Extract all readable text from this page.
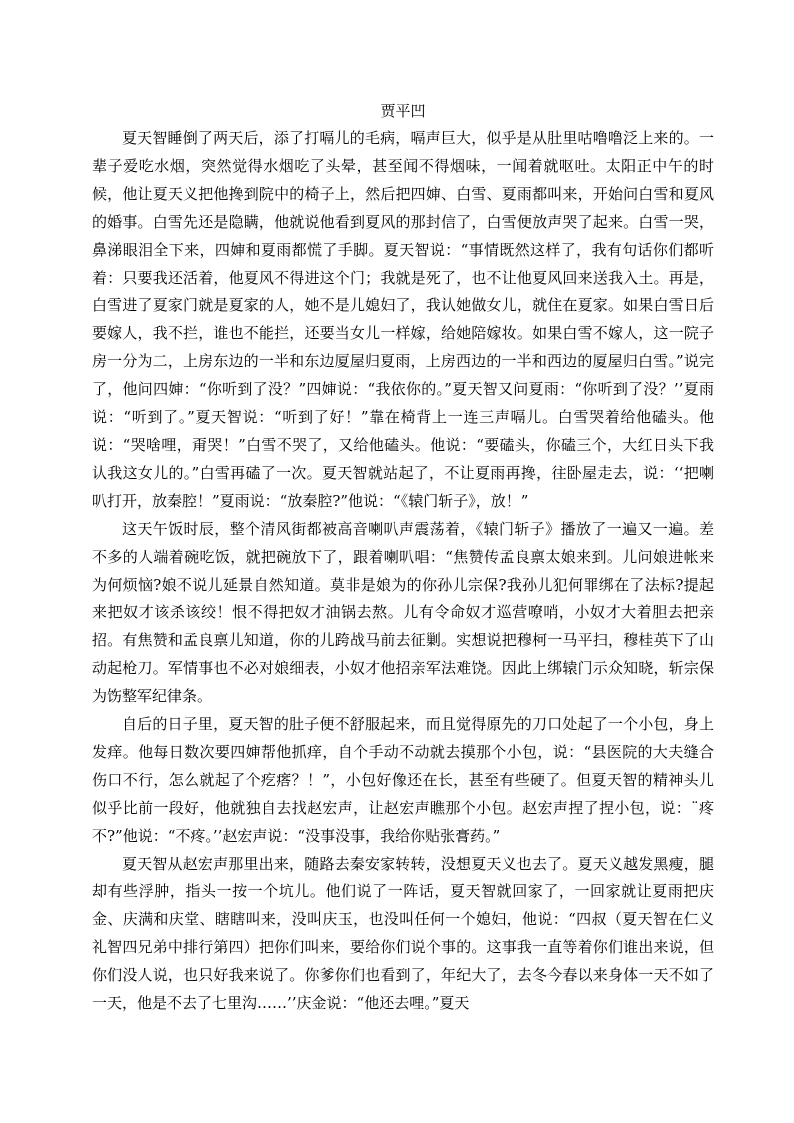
贾平凹

夏天智睡倒了两天后，添了打嗝儿的毛病，嗝声巨大，似乎是从肚里咕噜噜泛上来的。一辈子爱吃水烟，突然觉得水烟吃了头晕，甚至闻不得烟味，一闻着就呕吐。太阳正中午的时候，他让夏天义把他搀到院中的椅子上，然后把四婶、白雪、夏雨都叫来，开始问白雪和夏风的婚事。白雪先还是隐瞒，他就说他看到夏风的那封信了，白雪便放声哭了起来。白雪一哭，鼻涕眼泪全下来，四婶和夏雨都慌了手脚。夏天智说：“事情既然这样了，我有句话你们都听着：只要我还活着，他夏风不得进这个门；我就是死了，也不让他夏风回来送我入土。再是，白雪进了夏家门就是夏家的人，她不是儿媳妇了，我认她做女儿，就住在夏家。如果白雪日后要嫁人，我不拦，谁也不能拦，还要当女儿一样嫁，给她陪嫁妆。如果白雪不嫁人，这一院子房一分为二，上房东边的一半和东边厦屋归夏雨，上房西边的一半和西边的厦屋归白雪。”说完了，他问四婶：“你听到了没？”四婶说：“我依你的。”夏天智又问夏雨：“你听到了没？’’夏雨说：“听到了。”夏天智说：“听到了好！”靠在椅背上一连三声嗝儿。白雪哭着给他磕头。他说：“哭啥哩，甭哭！”白雪不哭了，又给他磕头。他说：“要磕头，你磕三个，大红日头下我认我这女儿的。”白雪再磕了一次。夏天智就站起了，不让夏雨再搀，往卧屋走去，说：‘‘把喇叭打开，放秦腔！”夏雨说：“放秦腔?”他说：“《辕门斩子》，放！”

这天午饭时辰，整个清风街都被高音喇叭声震荡着，《辕门斩子》播放了一遍又一遍。差不多的人端着碗吃饭，就把碗放下了，跟着喇叭唱：“焦赞传孟良禀太娘来到。儿问娘进帐来为何烦恼?娘不说儿延景自然知道。莫非是娘为的你孙儿宗保?我孙儿犯何罪绑在了法标?提起来把奴才该杀该绞！恨不得把奴才油锅去熬。儿有令命奴才巡营嘹哨，小奴才大着胆去把亲招。有焦赞和孟良禀儿知道，你的儿跨战马前去征剿。实想说把穆柯一马平扫，穆桂英下了山动起枪刀。军情事也不必对娘细表，小奴才他招亲军法难饶。因此上绑辕门示众知晓，斩宗保为饬整军纪律条。

自后的日子里，夏天智的肚子便不舒服起来，而且觉得原先的刀口处起了一个小包，身上发痒。他每日数次要四婶帮他抓痒，自个手动不动就去摸那个小包，说：“县医院的大夫缝合伤口不行，怎么就起了个疙瘩？！”，小包好像还在长，甚至有些硬了。但夏天智的精神头儿似乎比前一段好，他就独自去找赵宏声，让赵宏声瞧那个小包。赵宏声捏了捏小包，说：¨疼不?”他说：“不疼。’’赵宏声说：“没事没事，我给你贴张膏药。”

夏天智从赵宏声那里出来，随路去秦安家转转，没想夏天义也去了。夏天义越发黑瘦，腿却有些浮肿，指头一按一个坑儿。他们说了一阵话，夏天智就回家了，一回家就让夏雨把庆金、庆满和庆堂、瞎瞎叫来，没叫庆玉，也没叫任何一个媳妇，他说：“四叔（夏天智在仁义礼智四兄弟中排行第四）把你们叫来，要给你们说个事的。这事我一直等着你们谁出来说，但你们没人说，也只好我来说了。你爹你们也看到了，年纪大了，去冬今春以来身体一天不如了一天，他是不去了七里沟……’’庆金说：“他还去哩。”夏天
